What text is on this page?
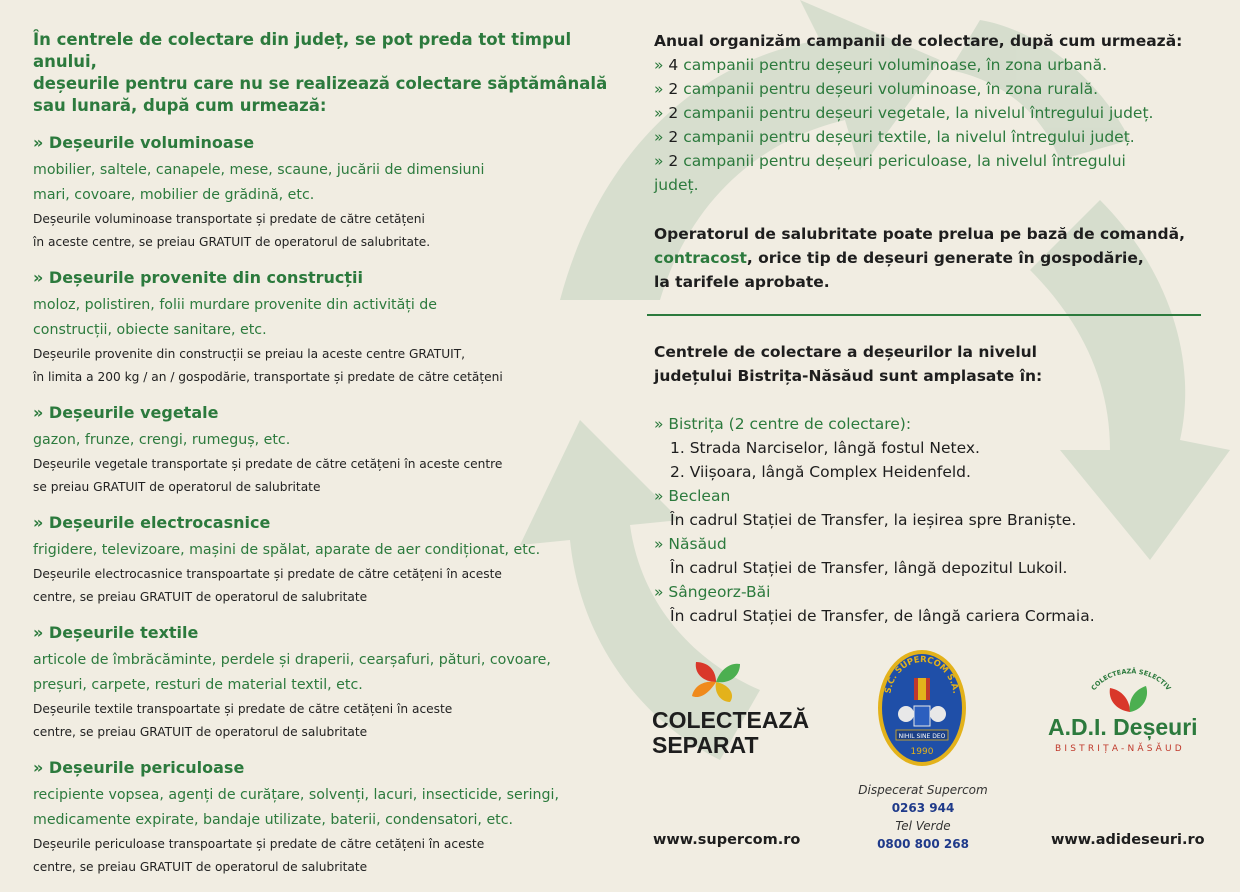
În centrele de colectare din județ, se pot preda tot timpul anului,
deșeurile pentru care nu se realizează colectare săptămânală
sau lunară, după cum urmează:
» Deșeurile voluminoase
mobilier, saltele, canapele, mese, scaune, jucării de dimensiuni
mari, covoare, mobilier de grădină, etc.
Deșeurile voluminoase transportate și predate de către cetățeni
în aceste centre, se preiau GRATUIT de operatorul de salubritate.
» Deșeurile provenite din construcții
moloz, polistiren, folii murdare provenite din activități de
construcții, obiecte sanitare, etc.
Deșeurile provenite din construcții se preiau la aceste centre GRATUIT,
în limita a 200 kg / an / gospodărie, transportate și predate de către cetățeni
» Deșeurile vegetale
gazon, frunze, crengi, rumeguș, etc.
Deșeurile vegetale transportate și predate de către cetățeni în aceste centre
se preiau GRATUIT de operatorul de salubritate
» Deșeurile electrocasnice
frigidere, televizoare, mașini de spălat, aparate de aer condiționat, etc.
Deșeurile electrocasnice transpoartate și predate de către cetățeni în aceste
centre, se preiau GRATUIT de operatorul de salubritate
» Deșeurile textile
articole de îmbrăcăminte, perdele și draperii, cearșafuri, pături, covoare,
preșuri, carpete, resturi de material textil, etc.
Deșeurile textile transpoartate și predate de către cetățeni în aceste
centre, se preiau GRATUIT de operatorul de salubritate
» Deșeurile periculoase
recipiente vopsea, agenți de curățare, solvenți, lacuri, insecticide, seringi,
medicamente expirate, bandaje utilizate, baterii, condensatori, etc.
Deșeurile periculoase transpoartate și predate de către cetățeni în aceste
centre, se preiau GRATUIT de operatorul de salubritate
Anual organizăm campanii de colectare, după cum urmează:
» 4 campanii pentru deșeuri voluminoase, în zona urbană.
» 2 campanii pentru deșeuri voluminoase, în zona rurală.
» 2 campanii pentru deșeuri vegetale, la nivelul întregului județ.
» 2 campanii pentru deșeuri textile, la nivelul întregului județ.
» 2 campanii pentru deșeuri periculoase, la nivelul întregului
județ.
Operatorul de salubritate poate prelua pe bază de comandă,
contracost, orice tip de deșeuri generate în gospodărie,
la tarifele aprobate.
Centrele de colectare a deșeurilor la nivelul
județului Bistrița-Năsăud sunt amplasate în:
» Bistrița (2 centre de colectare):
1. Strada Narciselor, lângă fostul Netex.
2. Viișoara, lângă Complex Heidenfeld.
» Beclean
În cadrul Stației de Transfer, la ieșirea spre Braniște.
» Năsăud
În cadrul Stației de Transfer, lângă depozitul Lukoil.
» Sângeorz-Băi
În cadrul Stației de Transfer, de lângă cariera Cormaia.
COLECTEAZĂ
SEPARAT
www.supercom.ro
S.C. SUPERCOM S.A.
NIHIL SINE DEO
1990
Dispecerat Supercom
0263 944
Tel Verde
0800 800 268
COLECTEAZĂ SELECTIV
A.D.I. Deșeuri
BISTRIȚA-NĂSĂUD
www.adideseuri.ro
